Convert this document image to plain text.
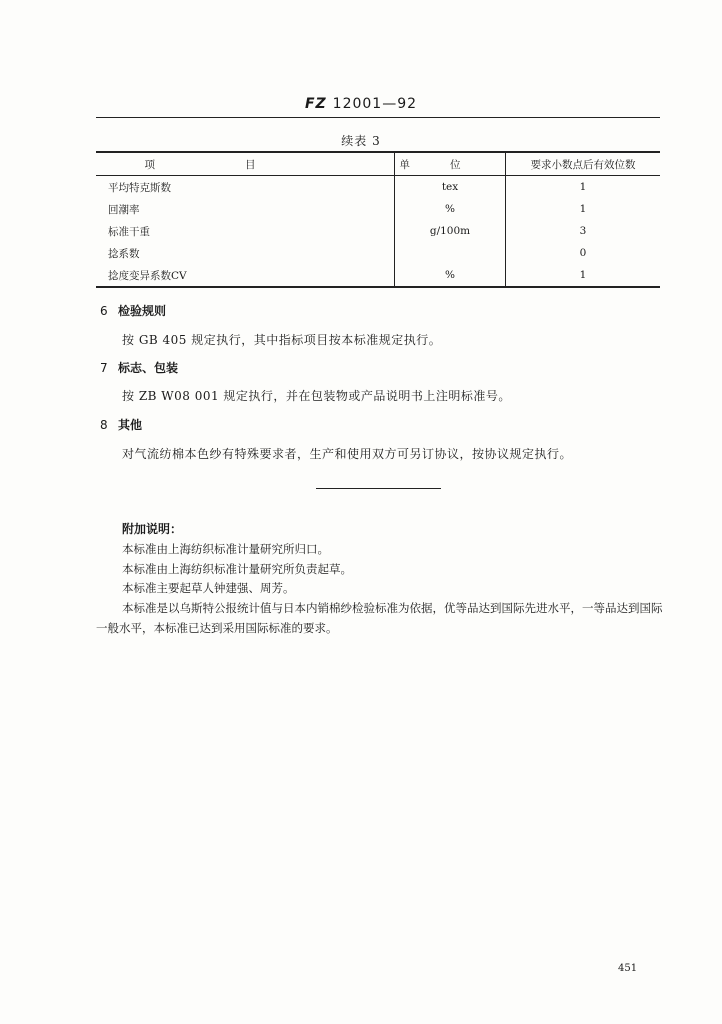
FZ 12001—92
续表 3
项目	单位	要求小数点后有效位数
平均特克斯数	tex	1
回潮率	%	1
标准干重	g/100m	3
捻系数		0
捻度变异系数CV	%	1
6 检验规则
按 GB 405 规定执行，其中指标项目按本标准规定执行。
7 标志、包装
按 ZB W08 001 规定执行，并在包装物或产品说明书上注明标准号。
8 其他
对气流纺棉本色纱有特殊要求者，生产和使用双方可另订协议，按协议规定执行。
附加说明：
本标准由上海纺织标准计量研究所归口。
本标准由上海纺织标准计量研究所负责起草。
本标准主要起草人钟建强、周芳。
本标准是以乌斯特公报统计值与日本内销棉纱检验标准为依据，优等品达到国际先进水平，一等品达到国际一般水平，本标准已达到采用国际标准的要求。
451
